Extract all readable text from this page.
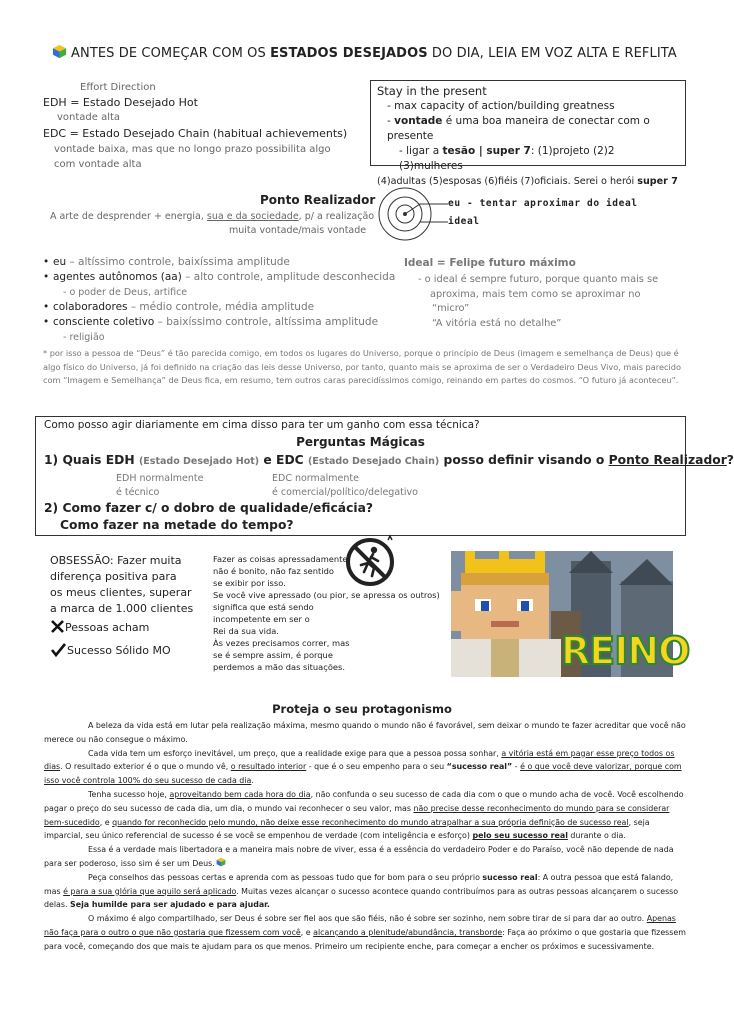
ANTES DE COMEÇAR COM OS ESTADOS DESEJADOS DO DIA, LEIA EM VOZ ALTA E REFLITA
Effort Direction
EDH = Estado Desejado Hot
vontade alta
EDC = Estado Desejado Chain (habitual achievements)
vontade baixa, mas que no longo prazo possibilita algo
com vontade alta
Stay in the present
- max capacity of action/building greatness
- vontade é uma boa maneira de conectar com o presente
- ligar a tesão | super 7: (1)projeto (2)2 (3)mulheres
(4)adultas (5)esposas (6)fiéis (7)oficiais. Serei o herói super 7
Ponto Realizador
A arte de desprender + energia, sua e da sociedade, p/ a realização
muita vontade/mais vontade
eu - tentar aproximar do ideal
ideal
• eu – altíssimo controle, baixíssima amplitude
• agentes autônomos (aa) – alto controle, amplitude desconhecida
- o poder de Deus, artifice
• colaboradores – médio controle, média amplitude
• consciente coletivo – baixíssimo controle, altíssima amplitude
- religião
Ideal = Felipe futuro máximo
- o ideal é sempre futuro, porque quanto mais se
aproxima, mais tem como se aproximar no
“micro”
“A vitória está no detalhe”
* por isso a pessoa de “Deus” é tão parecida comigo, em todos os lugares do Universo, porque o princípio de Deus (imagem e semelhança de Deus) que é algo físico do Universo, já foi definido na criação das leis desse Universo, por tanto, quanto mais se aproxima de ser o Verdadeiro Deus Vivo, mais parecido com “Imagem e Semelhança” de Deus fica, em resumo, tem outros caras parecidíssimos comigo, reinando em partes do cosmos. “O futuro já aconteceu”.
Como posso agir diariamente em cima disso para ter um ganho com essa técnica?
Perguntas Mágicas
1) Quais EDH (Estado Desejado Hot) e EDC (Estado Desejado Chain) posso definir visando o Ponto Realizador?
EDH normalmente
é técnico
EDC normalmente
é comercial/político/delegativo
2) Como fazer c/ o dobro de qualidade/eficácia?
Como fazer na metade do tempo?
OBSESSÃO: Fazer muita
diferença positiva para
os meus clientes, superar
a marca de 1.000 clientes
Pessoas acham
Sucesso Sólido MO
Fazer as coisas apressadamente
não é bonito, não faz sentido
se exibir por isso.
Se você vive apressado (ou pior, se apressa os outros)
significa que está sendo
incompetente em ser o
Rei da sua vida.
Às vezes precisamos correr, mas
se é sempre assim, é porque
perdemos a mão das situações.	REINO
Proteja o seu protagonismo

A beleza da vida está em lutar pela realização máxima, mesmo quando o mundo não é favorável, sem deixar o mundo te fazer acreditar que você não merece ou não consegue o máximo.

Cada vida tem um esforço inevitável, um preço, que a realidade exige para que a pessoa possa sonhar, a vitória está em pagar esse preço todos os dias. O resultado exterior é o que o mundo vê, o resultado interior - que é o seu empenho para o seu “sucesso real” - é o que você deve valorizar, porque com isso você controla 100% do seu sucesso de cada dia.

Tenha sucesso hoje, aproveitando bem cada hora do dia, não confunda o seu sucesso de cada dia com o que o mundo acha de você. Você escolhendo pagar o preço do seu sucesso de cada dia, um dia, o mundo vai reconhecer o seu valor, mas não precise desse reconhecimento do mundo para se considerar bem-sucedido, e quando for reconhecido pelo mundo, não deixe esse reconhecimento do mundo atrapalhar a sua própria definição de sucesso real, seja imparcial, seu único referencial de sucesso é se você se empenhou de verdade (com inteligência e esforço) pelo seu sucesso real durante o dia.

Essa é a verdade mais libertadora e a maneira mais nobre de viver, essa é a essência do verdadeiro Poder e do Paraíso, você não depende de nada para ser poderoso, isso sim é ser um Deus.

Peça conselhos das pessoas certas e aprenda com as pessoas tudo que for bom para o seu próprio sucesso real: A outra pessoa que está falando, mas é para a sua glória que aquilo será aplicado. Muitas vezes alcançar o sucesso acontece quando contribuímos para as outras pessoas alcançarem o sucesso delas. Seja humilde para ser ajudado e para ajudar.

O máximo é algo compartilhado, ser Deus é sobre ser fiel aos que são fiéis, não é sobre ser sozinho, nem sobre tirar de si para dar ao outro. Apenas não faça para o outro o que não gostaria que fizessem com você, e alcançando a plenitude/abundância, transborde: Faça ao próximo o que gostaria que fizessem para você, começando dos que mais te ajudam para os que menos. Primeiro um recipiente enche, para começar a encher os próximos e sucessivamente.
